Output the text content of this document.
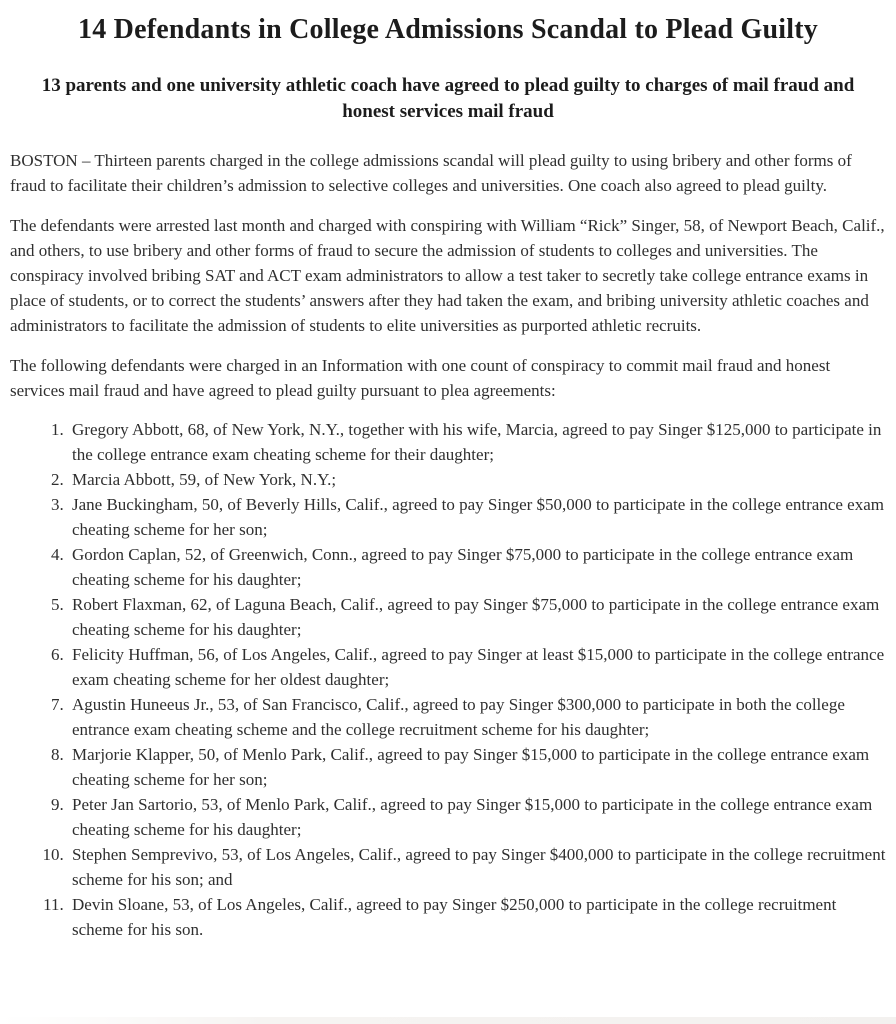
14 Defendants in College Admissions Scandal to Plead Guilty
13 parents and one university athletic coach have agreed to plead guilty to charges of mail fraud and honest services mail fraud

BOSTON – Thirteen parents charged in the college admissions scandal will plead guilty to using bribery and other forms of fraud to facilitate their children’s admission to selective colleges and universities. One coach also agreed to plead guilty.

The defendants were arrested last month and charged with conspiring with William “Rick” Singer, 58, of Newport Beach, Calif., and others, to use bribery and other forms of fraud to secure the admission of students to colleges and universities. The conspiracy involved bribing SAT and ACT exam administrators to allow a test taker to secretly take college entrance exams in place of students, or to correct the students’ answers after they had taken the exam, and bribing university athletic coaches and administrators to facilitate the admission of students to elite universities as purported athletic recruits.

The following defendants were charged in an Information with one count of conspiracy to commit mail fraud and honest services mail fraud and have agreed to plead guilty pursuant to plea agreements:

1. Gregory Abbott, 68, of New York, N.Y., together with his wife, Marcia, agreed to pay Singer $125,000 to participate in the college entrance exam cheating scheme for their daughter;
2. Marcia Abbott, 59, of New York, N.Y.;
3. Jane Buckingham, 50, of Beverly Hills, Calif., agreed to pay Singer $50,000 to participate in the college entrance exam cheating scheme for her son;
4. Gordon Caplan, 52, of Greenwich, Conn., agreed to pay Singer $75,000 to participate in the college entrance exam cheating scheme for his daughter;
5. Robert Flaxman, 62, of Laguna Beach, Calif., agreed to pay Singer $75,000 to participate in the college entrance exam cheating scheme for his daughter;
6. Felicity Huffman, 56, of Los Angeles, Calif., agreed to pay Singer at least $15,000 to participate in the college entrance exam cheating scheme for her oldest daughter;
7. Agustin Huneeus Jr., 53, of San Francisco, Calif., agreed to pay Singer $300,000 to participate in both the college entrance exam cheating scheme and the college recruitment scheme for his daughter;
8. Marjorie Klapper, 50, of Menlo Park, Calif., agreed to pay Singer $15,000 to participate in the college entrance exam cheating scheme for her son;
9. Peter Jan Sartorio, 53, of Menlo Park, Calif., agreed to pay Singer $15,000 to participate in the college entrance exam cheating scheme for his daughter;
10. Stephen Semprevivo, 53, of Los Angeles, Calif., agreed to pay Singer $400,000 to participate in the college recruitment scheme for his son; and
11. Devin Sloane, 53, of Los Angeles, Calif., agreed to pay Singer $250,000 to participate in the college recruitment scheme for his son.
